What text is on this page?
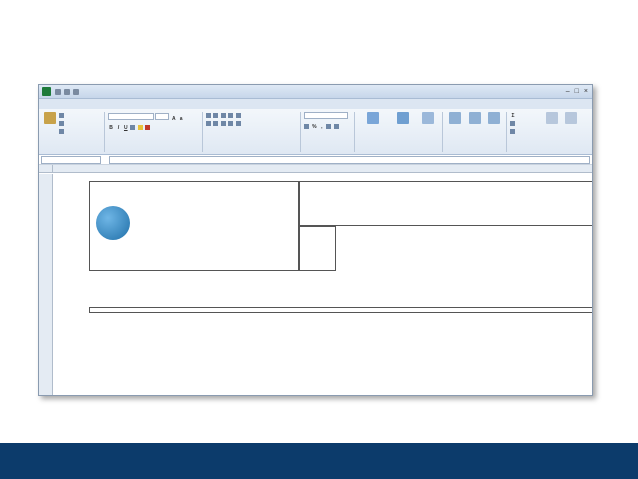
– □ ×

A a
B I U

	% ,
Σ
